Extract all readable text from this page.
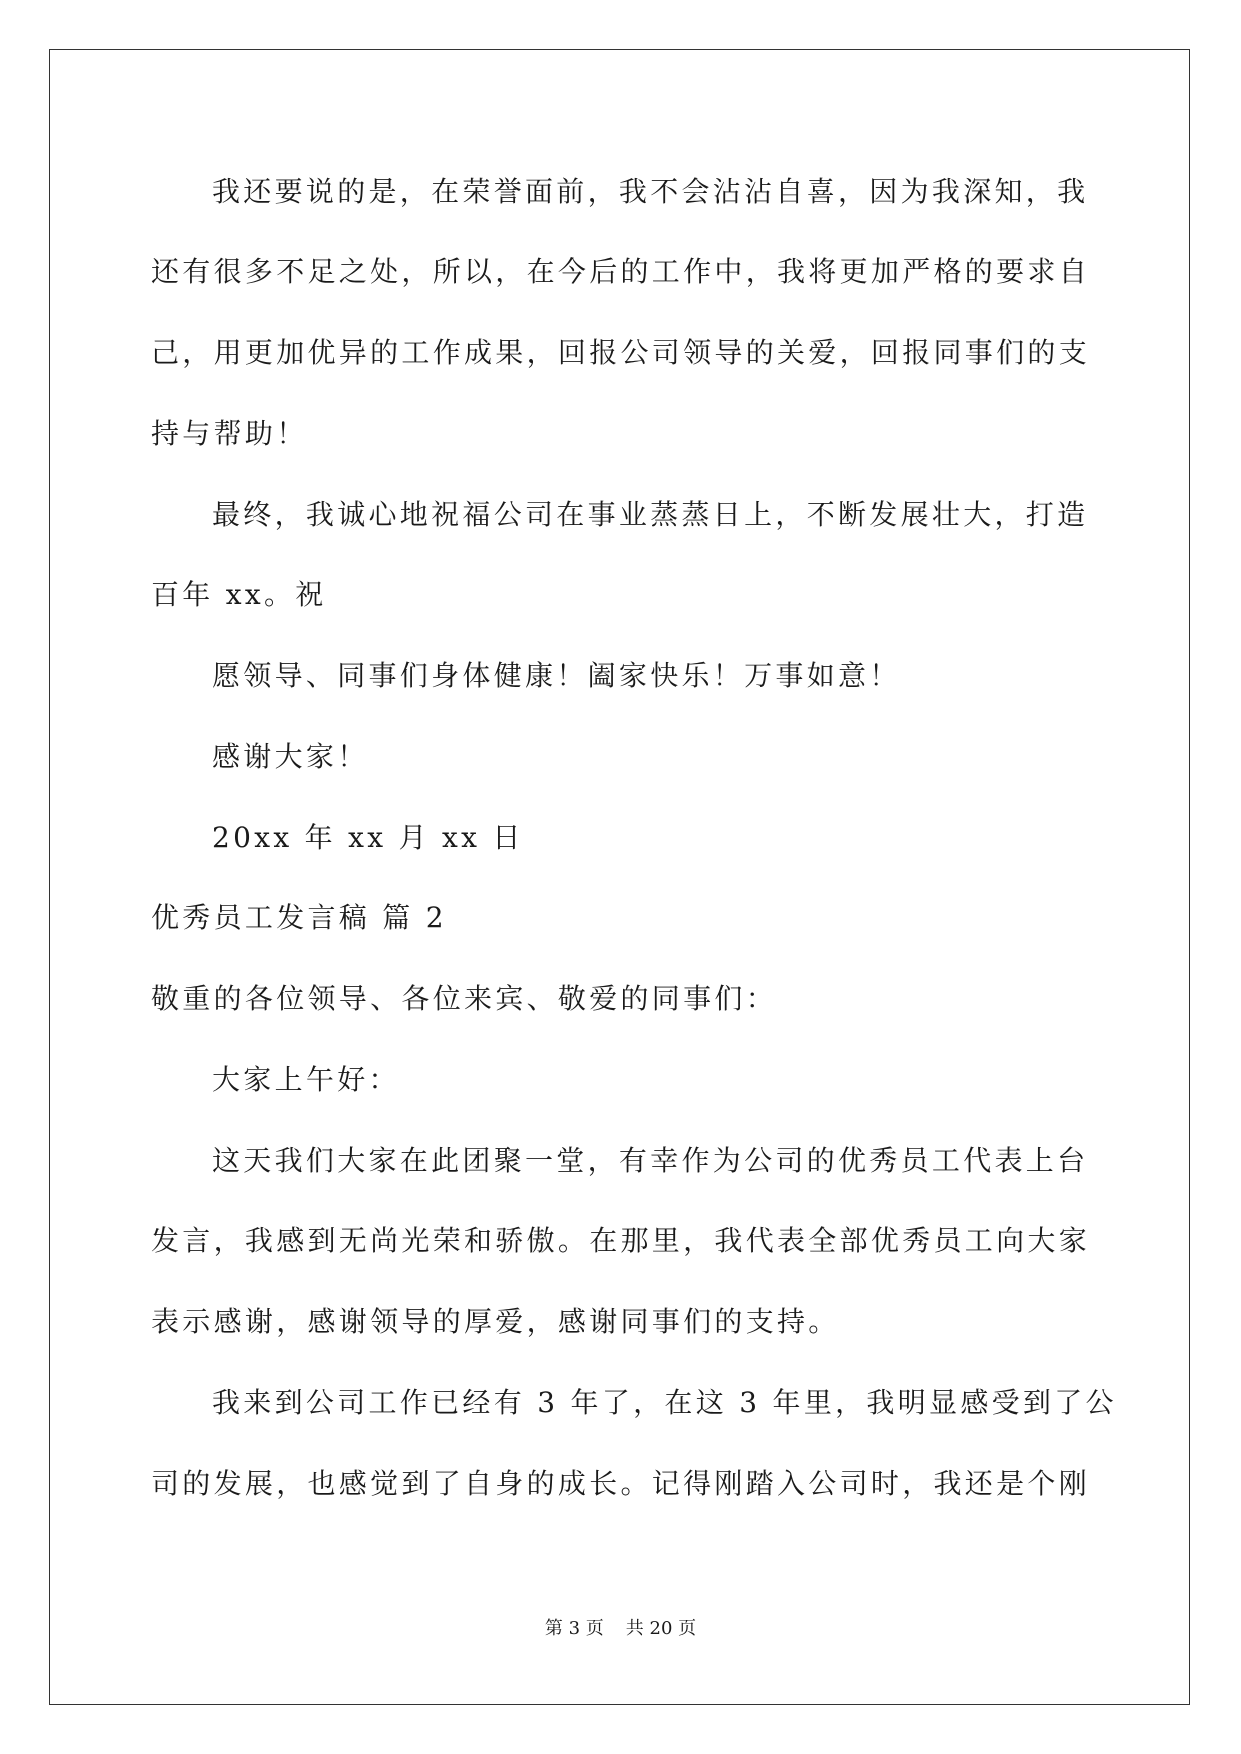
我还要说的是，在荣誉面前，我不会沾沾自喜，因为我深知，我

还有很多不足之处，所以，在今后的工作中，我将更加严格的要求自

己，用更加优异的工作成果，回报公司领导的关爱，回报同事们的支

持与帮助！

最终，我诚心地祝福公司在事业蒸蒸日上，不断发展壮大，打造

百年 xx。祝

愿领导、同事们身体健康！阖家快乐！万事如意！

感谢大家！

20xx 年 xx 月 xx 日

优秀员工发言稿 篇 2

敬重的各位领导、各位来宾、敬爱的同事们：

大家上午好：

这天我们大家在此团聚一堂，有幸作为公司的优秀员工代表上台

发言，我感到无尚光荣和骄傲。在那里，我代表全部优秀员工向大家

表示感谢，感谢领导的厚爱，感谢同事们的支持。

我来到公司工作已经有 3 年了，在这 3 年里，我明显感受到了公

司的发展，也感觉到了自身的成长。记得刚踏入公司时，我还是个刚

第 3 页 共 20 页
